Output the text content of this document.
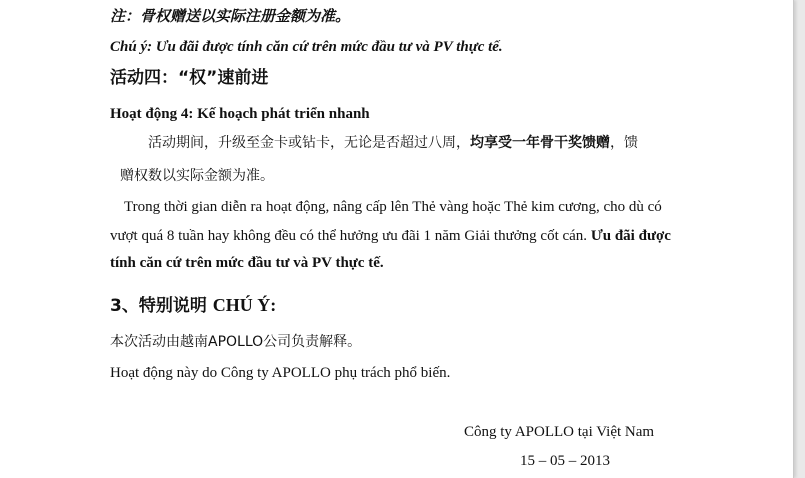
注：骨权赠送以实际注册金额为准。
Chú ý: Ưu đãi được tính căn cứ trên mức đầu tư và PV thực tế.
活动四：“权”速前进
Hoạt động 4: Kế hoạch phát triển nhanh
活动期间，升级至金卡或钻卡，无论是否超过八周，均享受一年骨干奖馈赠，馈
赠权数以实际金额为准。
Trong thời gian diễn ra hoạt động, nâng cấp lên Thẻ vàng hoặc Thẻ kim cương, cho dù có
vượt quá 8 tuần hay không đều có thể hưởng ưu đãi 1 năm Giải thưởng cốt cán. Ưu đãi được
tính căn cứ trên mức đầu tư và PV thực tế.
3、特别说明 CHÚ Ý:
本次活动由越南APOLLO公司负责解释。
Hoạt động này do Công ty APOLLO phụ trách phổ biến.
Công ty APOLLO tại Việt Nam
15 – 05 – 2013
